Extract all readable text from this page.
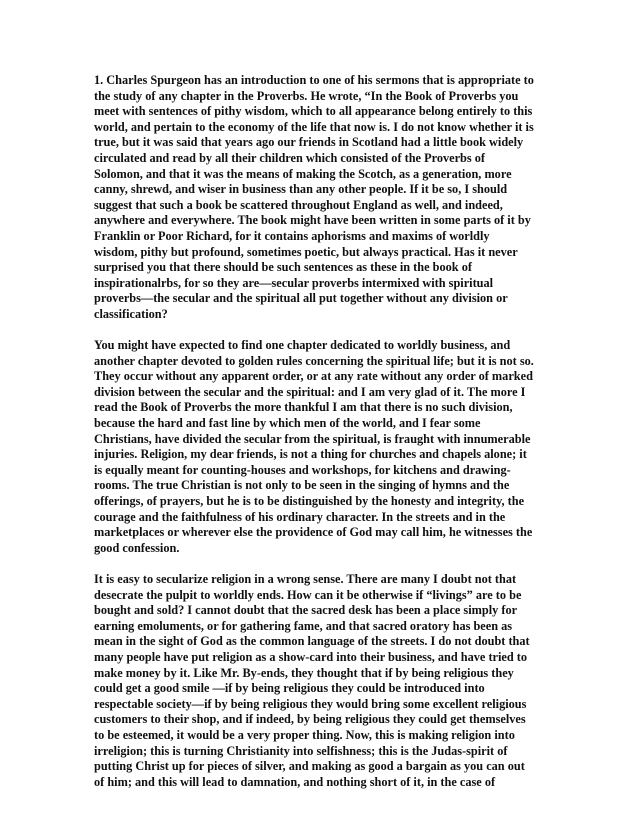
1. Charles Spurgeon has an introduction to one of his sermons that is appropriate to
the study of any chapter in the Proverbs. He wrote, “In the Book of Proverbs you
meet with sentences of pithy wisdom, which to all appearance belong entirely to this
world, and pertain to the economy of the life that now is. I do not know whether it is
true, but it was said that years ago our friends in Scotland had a little book widely
circulated and read by all their children which consisted of the Proverbs of
Solomon, and that it was the means of making the Scotch, as a generation, more
canny, shrewd, and wiser in business than any other people. If it be so, I should
suggest that such a book be scattered throughout England as well, and indeed,
anywhere and everywhere. The book might have been written in some parts of it by
Franklin or Poor Richard, for it contains aphorisms and maxims of worldly
wisdom, pithy but profound, sometimes poetic, but always practical. Has it never
surprised you that there should be such sentences as these in the book of
inspirationalrbs, for so they are—secular proverbs intermixed with spiritual
proverbs—the secular and the spiritual all put together without any division or
classification?

You might have expected to find one chapter dedicated to worldly business, and
another chapter devoted to golden rules concerning the spiritual life; but it is not so.
They occur without any apparent order, or at any rate without any order of marked
division between the secular and the spiritual: and I am very glad of it. The more I
read the Book of Proverbs the more thankful I am that there is no such division,
because the hard and fast line by which men of the world, and I fear some
Christians, have divided the secular from the spiritual, is fraught with innumerable
injuries. Religion, my dear friends, is not a thing for churches and chapels alone; it
is equally meant for counting-houses and workshops, for kitchens and drawing-
rooms. The true Christian is not only to be seen in the singing of hymns and the
offerings, of prayers, but he is to be distinguished by the honesty and integrity, the
courage and the faithfulness of his ordinary character. In the streets and in the
marketplaces or wherever else the providence of God may call him, he witnesses the
good confession.

It is easy to secularize religion in a wrong sense. There are many I doubt not that
desecrate the pulpit to worldly ends. How can it be otherwise if “livings” are to be
bought and sold? I cannot doubt that the sacred desk has been a place simply for
earning emoluments, or for gathering fame, and that sacred oratory has been as
mean in the sight of God as the common language of the streets. I do not doubt that
many people have put religion as a show-card into their business, and have tried to
make money by it. Like Mr. By-ends, they thought that if by being religious they
could get a good smile —if by being religious they could be introduced into
respectable society—if by being religious they would bring some excellent religious
customers to their shop, and if indeed, by being religious they could get themselves
to be esteemed, it would be a very proper thing. Now, this is making religion into
irreligion; this is turning Christianity into selfishness; this is the Judas-spirit of
putting Christ up for pieces of silver, and making as good a bargain as you can out
of him; and this will lead to damnation, and nothing short of it, in the case of
